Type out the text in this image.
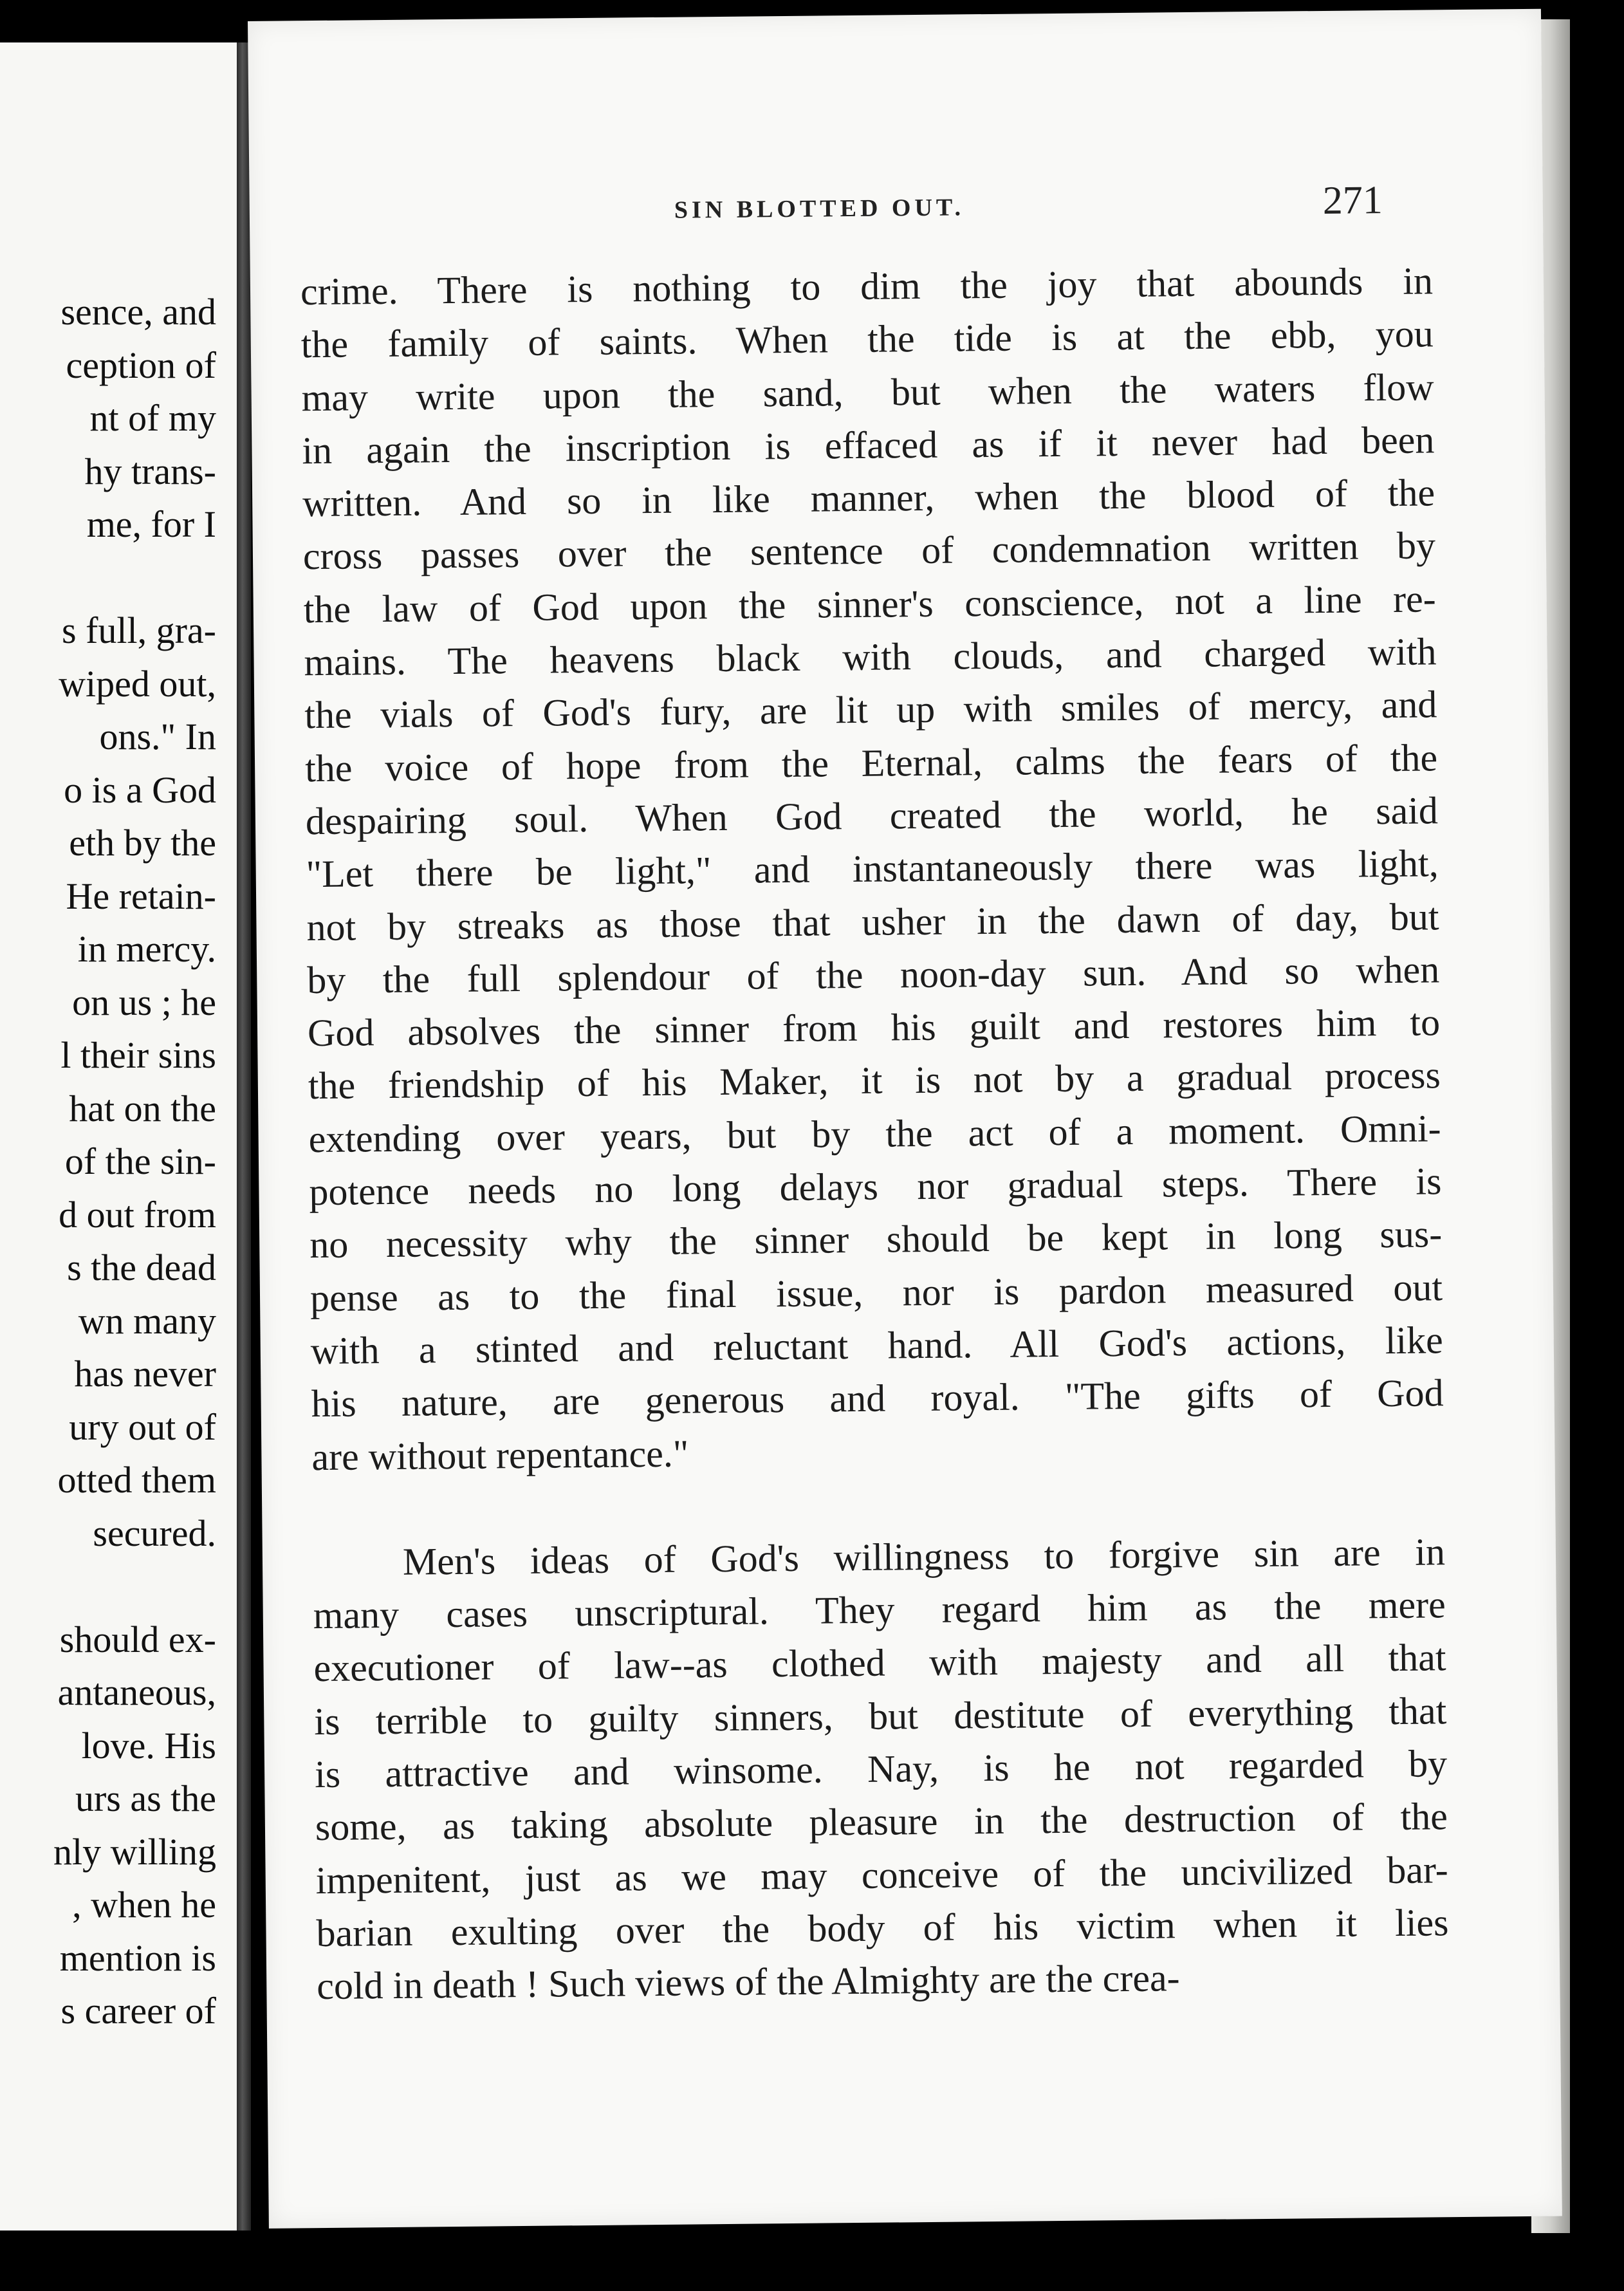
sence, and
ception of
nt of my
hy trans-
me, for I
s full, gra-
wiped out,
ons." In
o is a God
eth by the
He retain-
in mercy.
on us ; he
l their sins
hat on the
of the sin-
d out from
s the dead
wn many
has never
ury out of
otted them
secured.
should ex-
antaneous,
love. His
urs as the
nly willing
, when he
mention is
s career of
SIN BLOTTED OUT.	271

crime. There is nothing to dim the joy that abounds in
the family of saints. When the tide is at the ebb, you
may write upon the sand, but when the waters flow
in again the inscription is effaced as if it never had been
written. And so in like manner, when the blood of the
cross passes over the sentence of condemnation written by
the law of God upon the sinner's conscience, not a line re-
mains. The heavens black with clouds, and charged with
the vials of God's fury, are lit up with smiles of mercy, and
the voice of hope from the Eternal, calms the fears of the
despairing soul. When God created the world, he said
"Let there be light," and instantaneously there was light,
not by streaks as those that usher in the dawn of day, but
by the full splendour of the noon-day sun. And so when
God absolves the sinner from his guilt and restores him to
the friendship of his Maker, it is not by a gradual process
extending over years, but by the act of a moment. Omni-
potence needs no long delays nor gradual steps. There is
no necessity why the sinner should be kept in long sus-
pense as to the final issue, nor is pardon measured out
with a stinted and reluctant hand. All God's actions, like
his nature, are generous and royal. "The gifts of God
are without repentance."

Men's ideas of God's willingness to forgive sin are in
many cases unscriptural. They regard him as the mere
executioner of law--as clothed with majesty and all that
is terrible to guilty sinners, but destitute of everything that
is attractive and winsome. Nay, is he not regarded by
some, as taking absolute pleasure in the destruction of the
impenitent, just as we may conceive of the uncivilized bar-
barian exulting over the body of his victim when it lies
cold in death ! Such views of the Almighty are the crea-
